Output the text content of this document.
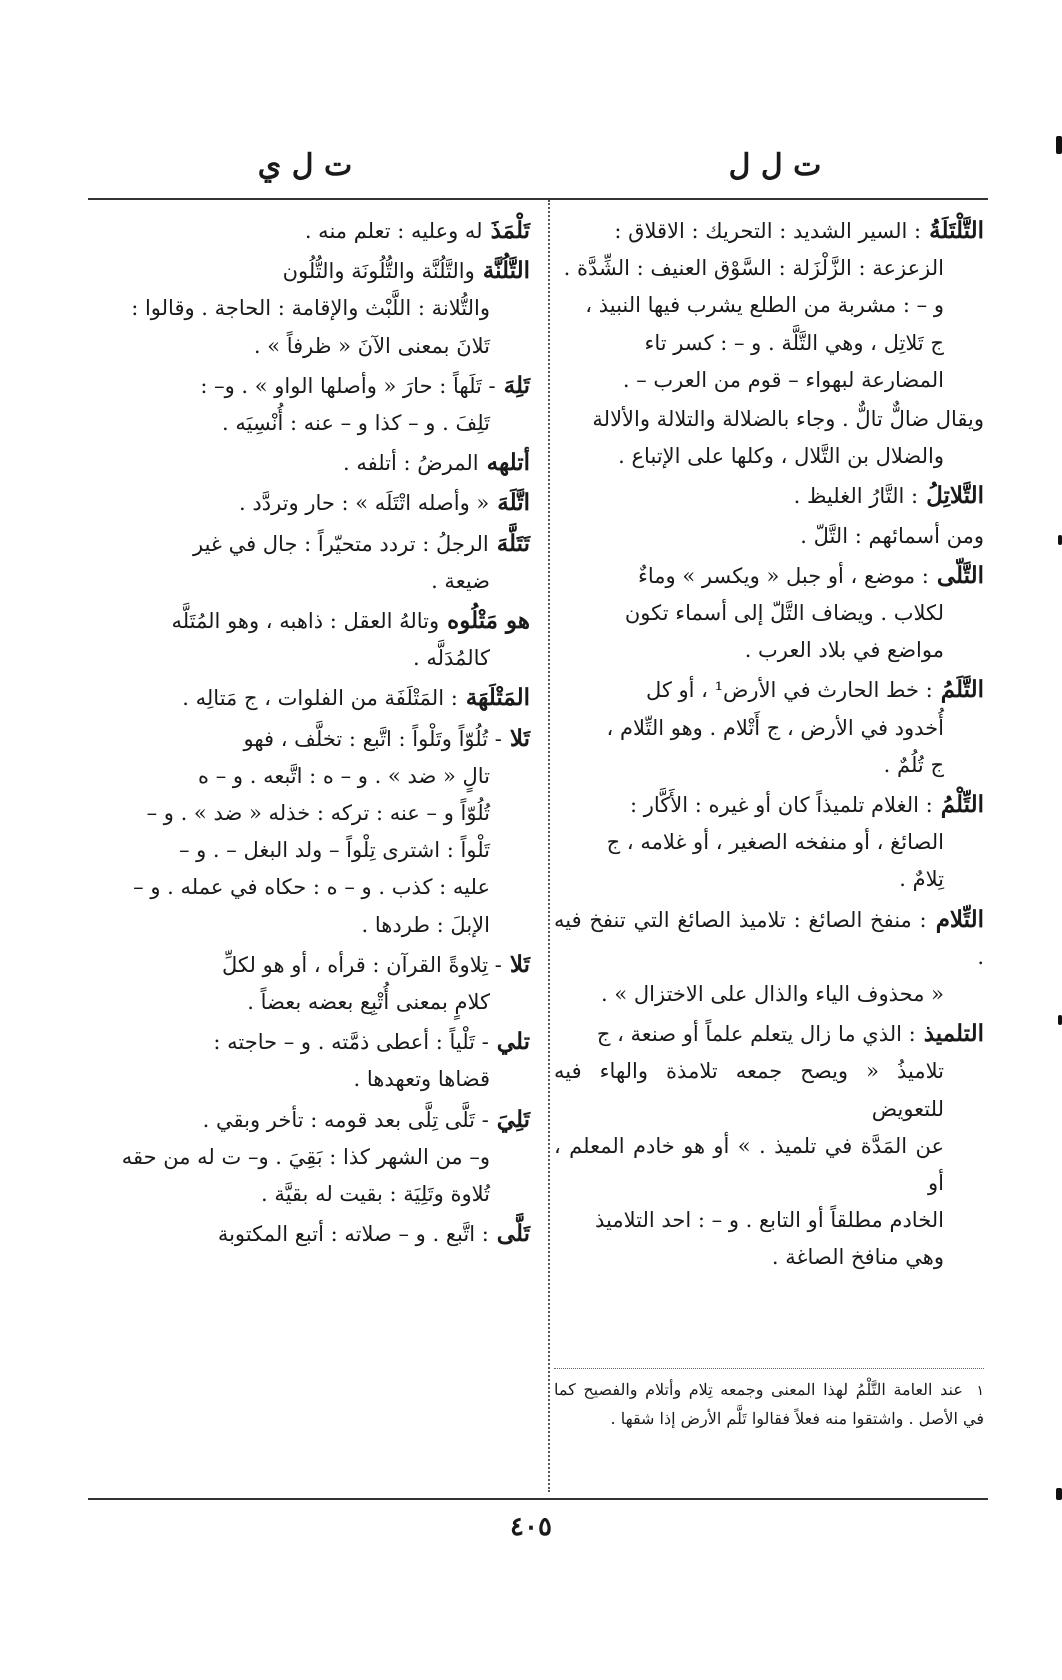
ت ل ل
ت ل ي
التَّلْتَلَةُ : السير الشديد : التحريك : الاقلاق :
الزعزعة : الزَّلْزَلة : السَّوْق العنيف : الشِّدَّة .
و – : مشربة من الطلع يشرب فيها النبيذ ،
ج تَلاتِل ، وهي التَّلَّة . و – : كسر تاء
المضارعة لبهواء – قوم من العرب – .
ويقال ضالٌّ تالٌّ . وجاء بالضلالة والتلالة والألالة
والضلال بن التَّلال ، وكلها على الإتباع .
التَّلاتِلُ : التَّارُ الغليظ .
ومن أسمائهم : التَّلّ .
التَّلّى : موضع ، أو جبل « ويكسر » وماءٌ
لكلاب . ويضاف التَّلّ إلى أسماء تكون
مواضع في بلاد العرب .
التَّلَمُ : خط الحارث في الأرض¹ ، أو كل
أُخدود في الأرض ، ج أَتْلام . وهو التِّلام ،
ج تُلُمٌ .
التِّلْمُ : الغلام تلميذاً كان أو غيره : الأَكَّار :
الصائغ ، أو منفخه الصغير ، أو غلامه ، ج
تِلامٌ .
التِّلام : منفخ الصائغ : تلاميذ الصائغ التي تنفخ فيه .
« محذوف الياء والذال على الاختزال » .
التلميذ : الذي ما زال يتعلم علماً أو صنعة ، ج
تلاميذُ « ويصح جمعه تلامذة والهاء فيه للتعويض
عن المَدَّة في تلميذ . » أو هو خادم المعلم ، أو
الخادم مطلقاً أو التابع . و – : احد التلاميذ
وهي منافخ الصاغة .
تَلْمَذَ له وعليه : تعلم منه .
التَّلُنَّة والتَّلُنَّة والتُّلُونَة والتُّلُون
والتُّلانة : اللَّبْث والإقامة : الحاجة . وقالوا :
تَلانَ بمعنى الآنَ « ظرفاً » .
تَلِهَ - تَلَهاً : حارَ « وأصلها الواو » . و– :
تَلِفَ . و – كذا و – عنه : أُنْسِيَه .
أتلهه المرضُ : أتلفه .
اتَّلَهَ « وأصله اتْتَلَه » : حار وتردَّد .
تَتَلَّهَ الرجلُ : تردد متحيّراً : جال في غير
ضيعة .
هو مَتْلُوه وتالهُ العقل : ذاهبه ، وهو المُتَلَّه
كالمُدَلَّه .
المَتْلَهَة : المَتْلَفَة من الفلوات ، ج مَتالِه .
تَلا - تُلُوّاً وتَلْواً : اتَّبع : تخلَّف ، فهو
تالٍ « ضد » . و – ه : اتَّبعه . و – ه
تُلُوّاً و – عنه : تركه : خذله « ضد » . و –
تَلْواً : اشترى تِلْواً – ولد البغل – . و –
عليه : كذب . و – ه : حكاه في عمله . و –
الإبلَ : طردها .
تَلا - تِلاوةً القرآن : قرأه ، أو هو لكلِّ
كلامٍ بمعنى أُتْبِع بعضه بعضاً .
تلي - تَلْياً : أعطى ذمَّته . و – حاجته :
قضاها وتعهدها .
تَلِيَ - تَلَّى تِلَّى بعد قومه : تأخر وبقي .
و– من الشهر كذا : بَقِيَ . و– ت له من حقه
تُلاوة وتَلِيَة : بقيت له بقيَّة .
تَلَّى : اتَّبع . و – صلاته : أتبع المكتوبة
١ عند العامة التَّلْمُ لهذا المعنى وجمعه تِلام وأتلام والفصيح كما في الأصل . واشتقوا منه فعلاً فقالوا تَلَّم الأرض إذا شقها .
٤٠٥
